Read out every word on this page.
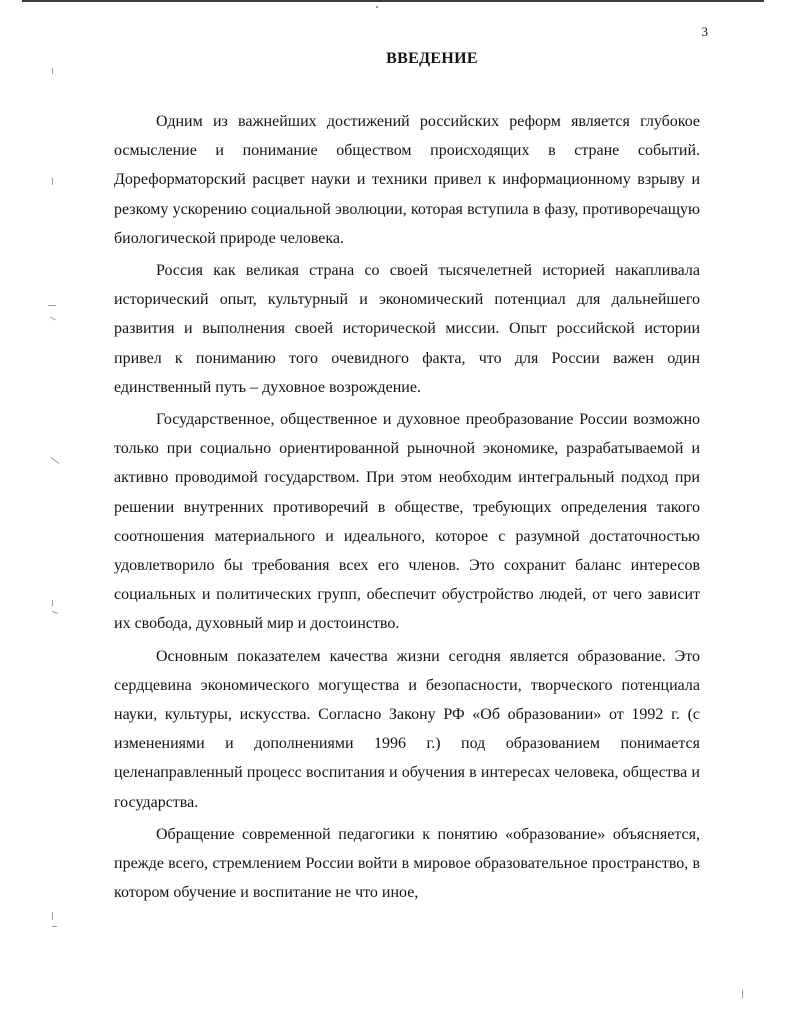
3
ВВЕДЕНИЕ

Одним из важнейших достижений российских реформ является глубокое осмысление и понимание обществом происходящих в стране событий. Дореформаторский расцвет науки и техники привел к информационному взрыву и резкому ускорению социальной эволюции, которая вступила в фазу, противоречащую биологической природе человека.

Россия как великая страна со своей тысячелетней историей накапливала исторический опыт, культурный и экономический потенциал для дальнейшего развития и выполнения своей исторической миссии. Опыт российской истории привел к пониманию того очевидного факта, что для России важен один единственный путь – духовное возрождение.

Государственное, общественное и духовное преобразование России возможно только при социально ориентированной рыночной экономике, разрабатываемой и активно проводимой государством. При этом необходим интегральный подход при решении внутренних противоречий в обществе, требующих определения такого соотношения материального и идеального, которое с разумной достаточностью удовлетворило бы требования всех его членов. Это сохранит баланс интересов социальных и политических групп, обеспечит обустройство людей, от чего зависит их свобода, духовный мир и достоинство.

Основным показателем качества жизни сегодня является образование. Это сердцевина экономического могущества и безопасности, творческого потенциала науки, культуры, искусства. Согласно Закону РФ «Об образовании» от 1992 г. (с изменениями и дополнениями 1996 г.) под образованием понимается целенаправленный процесс воспитания и обучения в интересах человека, общества и государства.

Обращение современной педагогики к понятию «образование» объясняется, прежде всего, стремлением России войти в мировое образовательное пространство, в котором обучение и воспитание не что иное,
